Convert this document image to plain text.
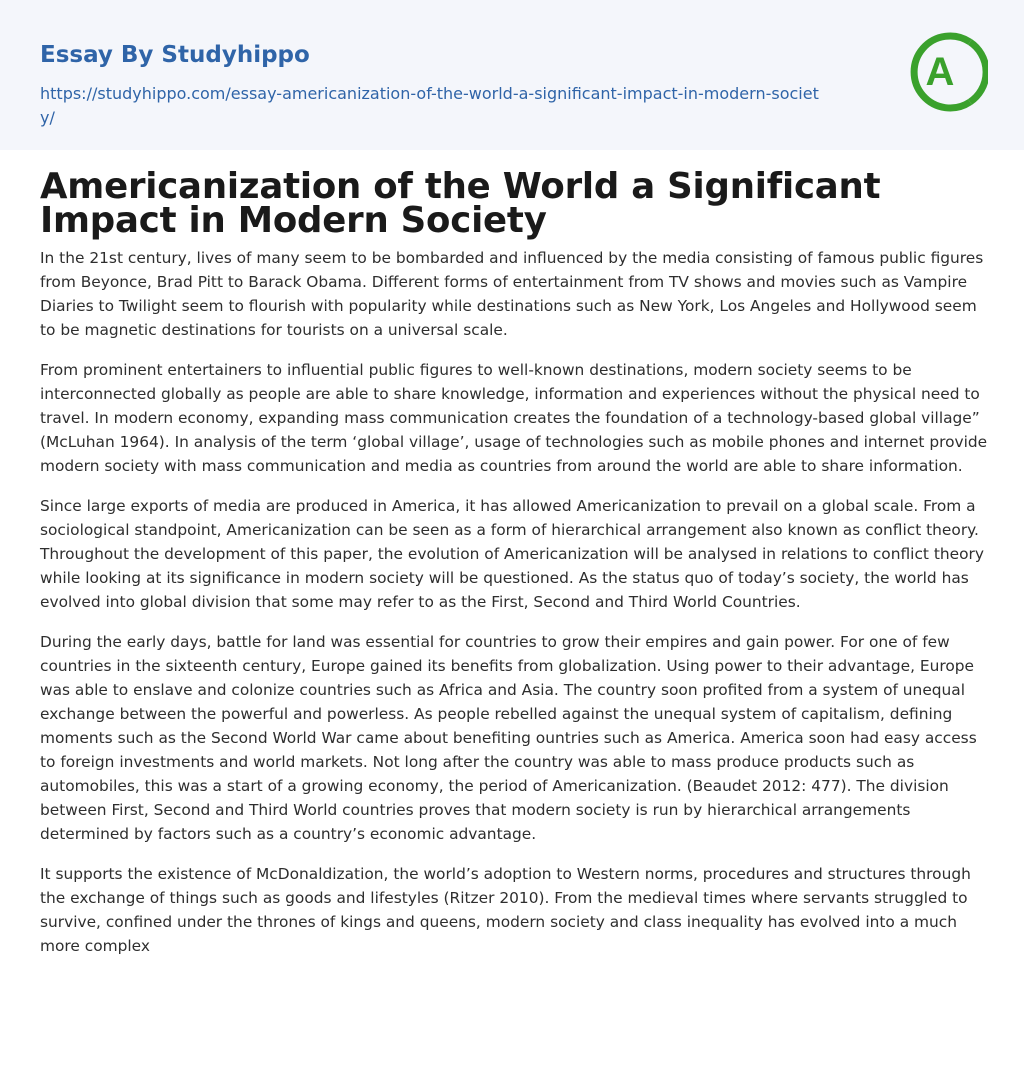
Essay By Studyhippo
https://studyhippo.com/essay-americanization-of-the-world-a-significant-impact-in-modern-society/
A
Americanization of the World a Significant Impact in Modern Society

In the 21st century, lives of many seem to be bombarded and influenced by the media consisting of famous public figures from Beyonce, Brad Pitt to Barack Obama. Different forms of entertainment from TV shows and movies such as Vampire Diaries to Twilight seem to flourish with popularity while destinations such as New York, Los Angeles and Hollywood seem to be magnetic destinations for tourists on a universal scale.

From prominent entertainers to influential public figures to well-known destinations, modern society seems to be interconnected globally as people are able to share knowledge, information and experiences without the physical need to travel. In modern economy, expanding mass communication creates the foundation of a technology-based global village” (McLuhan 1964). In analysis of the term ‘global village’, usage of technologies such as mobile phones and internet provide modern society with mass communication and media as countries from around the world are able to share information.

Since large exports of media are produced in America, it has allowed Americanization to prevail on a global scale. From a sociological standpoint, Americanization can be seen as a form of hierarchical arrangement also known as conflict theory. Throughout the development of this paper, the evolution of Americanization will be analysed in relations to conflict theory while looking at its significance in modern society will be questioned. As the status quo of today’s society, the world has evolved into global division that some may refer to as the First, Second and Third World Countries.

During the early days, battle for land was essential for countries to grow their empires and gain power. For one of few countries in the sixteenth century, Europe gained its benefits from globalization. Using power to their advantage, Europe was able to enslave and colonize countries such as Africa and Asia. The country soon profited from a system of unequal exchange between the powerful and powerless. As people rebelled against the unequal system of capitalism, defining moments such as the Second World War came about benefiting ountries such as America. America soon had easy access to foreign investments and world markets. Not long after the country was able to mass produce products such as automobiles, this was a start of a growing economy, the period of Americanization. (Beaudet 2012: 477). The division between First, Second and Third World countries proves that modern society is run by hierarchical arrangements determined by factors such as a country’s economic advantage.

It supports the existence of McDonaldization, the world’s adoption to Western norms, procedures and structures through the exchange of things such as goods and lifestyles (Ritzer 2010). From the medieval times where servants struggled to survive, confined under the thrones of kings and queens, modern society and class inequality has evolved into a much more complex
